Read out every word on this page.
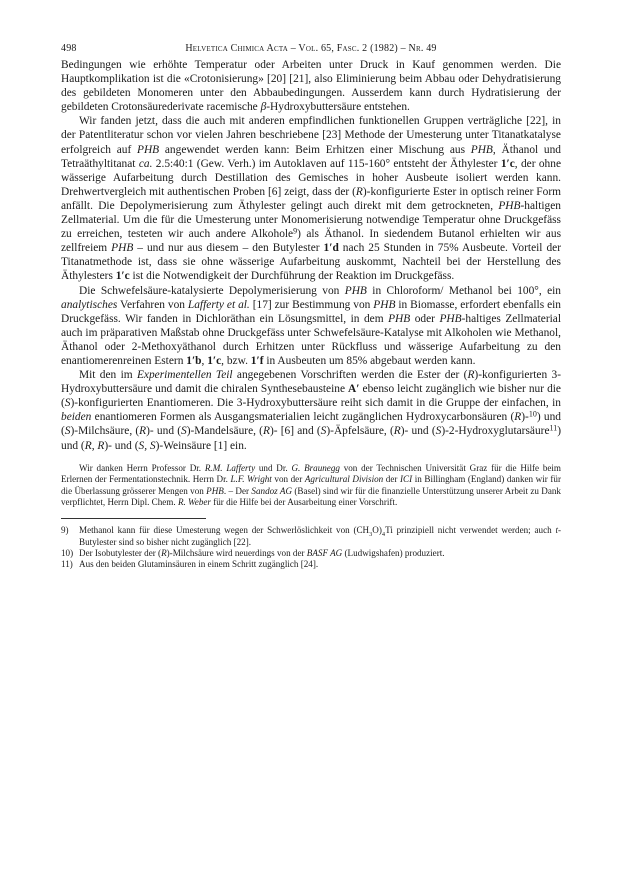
498	Helvetica Chimica Acta – Vol. 65, Fasc. 2 (1982) – Nr. 49

Bedingungen wie erhöhte Temperatur oder Arbeiten unter Druck in Kauf genommen werden. Die Hauptkomplikation ist die «Crotonisierung» [20] [21], also Eliminierung beim Abbau oder Dehydratisierung des gebildeten Monomeren unter den Abbaubedingungen. Ausserdem kann durch Hydratisierung der gebildeten Crotonsäurederivate racemische β-Hydroxybuttersäure entstehen.

Wir fanden jetzt, dass die auch mit anderen empfindlichen funktionellen Gruppen verträgliche [22], in der Patentliteratur schon vor vielen Jahren beschriebene [23] Methode der Umesterung unter Titanatkatalyse erfolgreich auf PHB angewendet werden kann: Beim Erhitzen einer Mischung aus PHB, Äthanol und Tetraäthyltitanat ca. 2.5:40:1 (Gew. Verh.) im Autoklaven auf 115-160° entsteht der Äthylester 1′c, der ohne wässerige Aufarbeitung durch Destillation des Gemisches in hoher Ausbeute isoliert werden kann. Drehwertvergleich mit authentischen Proben [6] zeigt, dass der (R)-konfigurierte Ester in optisch reiner Form anfällt. Die Depolymerisierung zum Äthylester gelingt auch direkt mit dem getrockneten, PHB-haltigen Zellmaterial. Um die für die Umesterung unter Monomerisierung notwendige Temperatur ohne Druckgefäss zu erreichen, testeten wir auch andere Alkohole$^9$) als Äthanol. In siedendem Butanol erhielten wir aus zellfreiem PHB – und nur aus diesem – den Butylester 1′d nach 25 Stunden in 75% Ausbeute. Vorteil der Titanatmethode ist, dass sie ohne wässerige Aufarbeitung auskommt, Nachteil bei der Herstellung des Äthylesters 1′c ist die Notwendigkeit der Durchführung der Reaktion im Druckgefäss.

Die Schwefelsäure-katalysierte Depolymerisierung von PHB in Chloroform/ Methanol bei 100°, ein analytisches Verfahren von Lafferty et al. [17] zur Bestimmung von PHB in Biomasse, erfordert ebenfalls ein Druckgefäss. Wir fanden in Dichloräthan ein Lösungsmittel, in dem PHB oder PHB-haltiges Zellmaterial auch im präparativen Maßstab ohne Druckgefäss unter Schwefelsäure-Katalyse mit Alkoholen wie Methanol, Äthanol oder 2-Methoxyäthanol durch Erhitzen unter Rückfluss und wässerige Aufarbeitung zu den enantiomerenreinen Estern 1′b, 1′c, bzw. 1′f in Ausbeuten um 85% abgebaut werden kann.

Mit den im Experimentellen Teil angegebenen Vorschriften werden die Ester der (R)-konfigurierten 3-Hydroxybuttersäure und damit die chiralen Synthesebausteine A′ ebenso leicht zugänglich wie bisher nur die (S)-konfigurierten Enantiomeren. Die 3-Hydroxybuttersäure reiht sich damit in die Gruppe der einfachen, in beiden enantiomeren Formen als Ausgangsmaterialien leicht zugänglichen Hydroxycarbonsäuren (R)-$^{10}$) und (S)-Milchsäure, (R)- und (S)-Mandelsäure, (R)- [6] and (S)-Äpfelsäure, (R)- und (S)-2-Hydroxyglutarsäure$^{11}$) und (R, R)- und (S, S)-Weinsäure [1] ein.

Wir danken Herrn Professor Dr. R.M. Lafferty und Dr. G. Braunegg von der Technischen Universität Graz für die Hilfe beim Erlernen der Fermentationstechnik. Herrn Dr. L.F. Wright von der Agricultural Division der ICI in Billingham (England) danken wir für die Überlassung grösserer Mengen von PHB. – Der Sandoz AG (Basel) sind wir für die finanzielle Unterstützung unserer Arbeit zu Dank verpflichtet, Herrn Dipl. Chem. R. Weber für die Hilfe bei der Ausarbeitung einer Vorschrift.

9) Methanol kann für diese Umesterung wegen der Schwerlöslichkeit von $(CH_3O)_4Ti$ prinzipiell nicht verwendet werden; auch t-Butylester sind so bisher nicht zugänglich [22].
10) Der Isobutylester der (R)-Milchsäure wird neuerdings von der BASF AG (Ludwigshafen) produziert.
11) Aus den beiden Glutaminsäuren in einem Schritt zugänglich [24].
